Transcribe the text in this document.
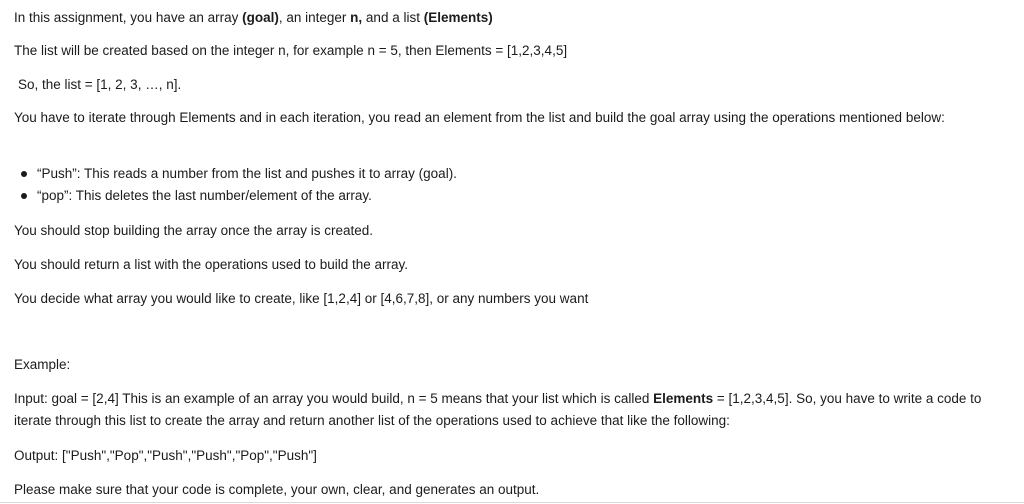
In this assignment, you have an array (goal), an integer n, and a list (Elements)
The list will be created based on the integer n, for example n = 5, then Elements = [1,2,3,4,5]
So, the list = [1, 2, 3, …, n].
You have to iterate through Elements and in each iteration, you read an element from the list and build the goal array using the operations mentioned below:
“Push”: This reads a number from the list and pushes it to array (goal).
“pop”: This deletes the last number/element of the array.
You should stop building the array once the array is created.
You should return a list with the operations used to build the array.
You decide what array you would like to create, like [1,2,4] or [4,6,7,8], or any numbers you want
Example:
Input: goal = [2,4] This is an example of an array you would build, n = 5 means that your list which is called Elements = [1,2,3,4,5]. So, you have to write a code to iterate through this list to create the array and return another list of the operations used to achieve that like the following:
Output: ["Push","Pop","Push","Push","Pop","Push"]
Please make sure that your code is complete, your own, clear, and generates an output.
